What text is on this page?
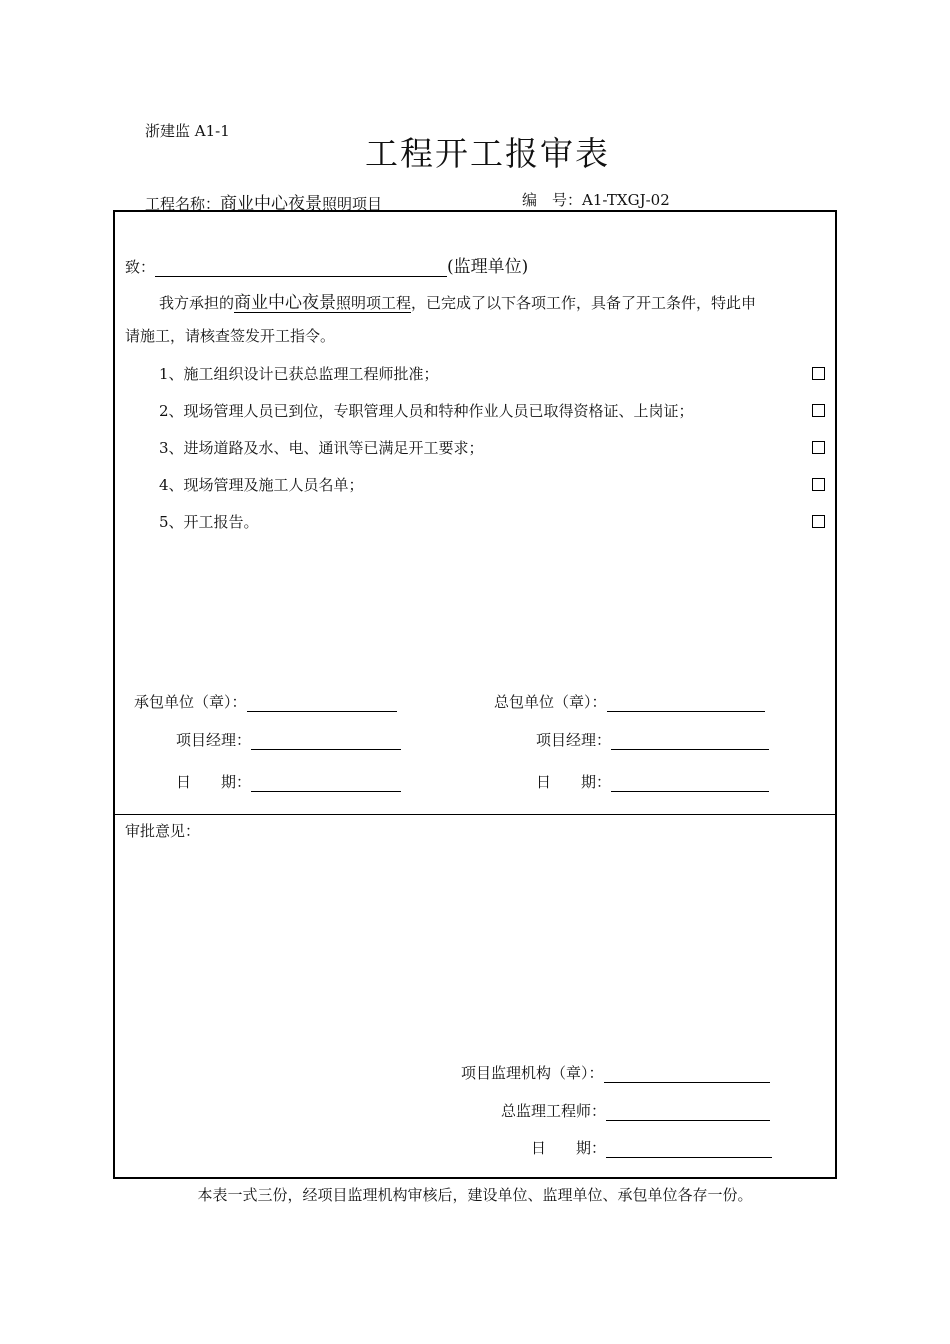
浙建监 A1-1
工程开工报审表
工程名称：商业中心夜景照明项目	编　号：A1-TXGJ-02
致：	(监理单位)
我方承担的商业中心夜景照明项工程，已完成了以下各项工作，具备了开工条件，特此申
请施工，请核查签发开工指令。
1、施工组织设计已获总监理工程师批准；
2、现场管理人员已到位，专职管理人员和特种作业人员已取得资格证、上岗证；
3、进场道路及水、电、通讯等已满足开工要求；
4、现场管理及施工人员名单；
5、开工报告。
承包单位（章）：	总包单位（章）：
项目经理：	项目经理：
日　　期：	日　　期：
审批意见：
项目监理机构（章）：
总监理工程师：
日　　期：
本表一式三份，经项目监理机构审核后，建设单位、监理单位、承包单位各存一份。
